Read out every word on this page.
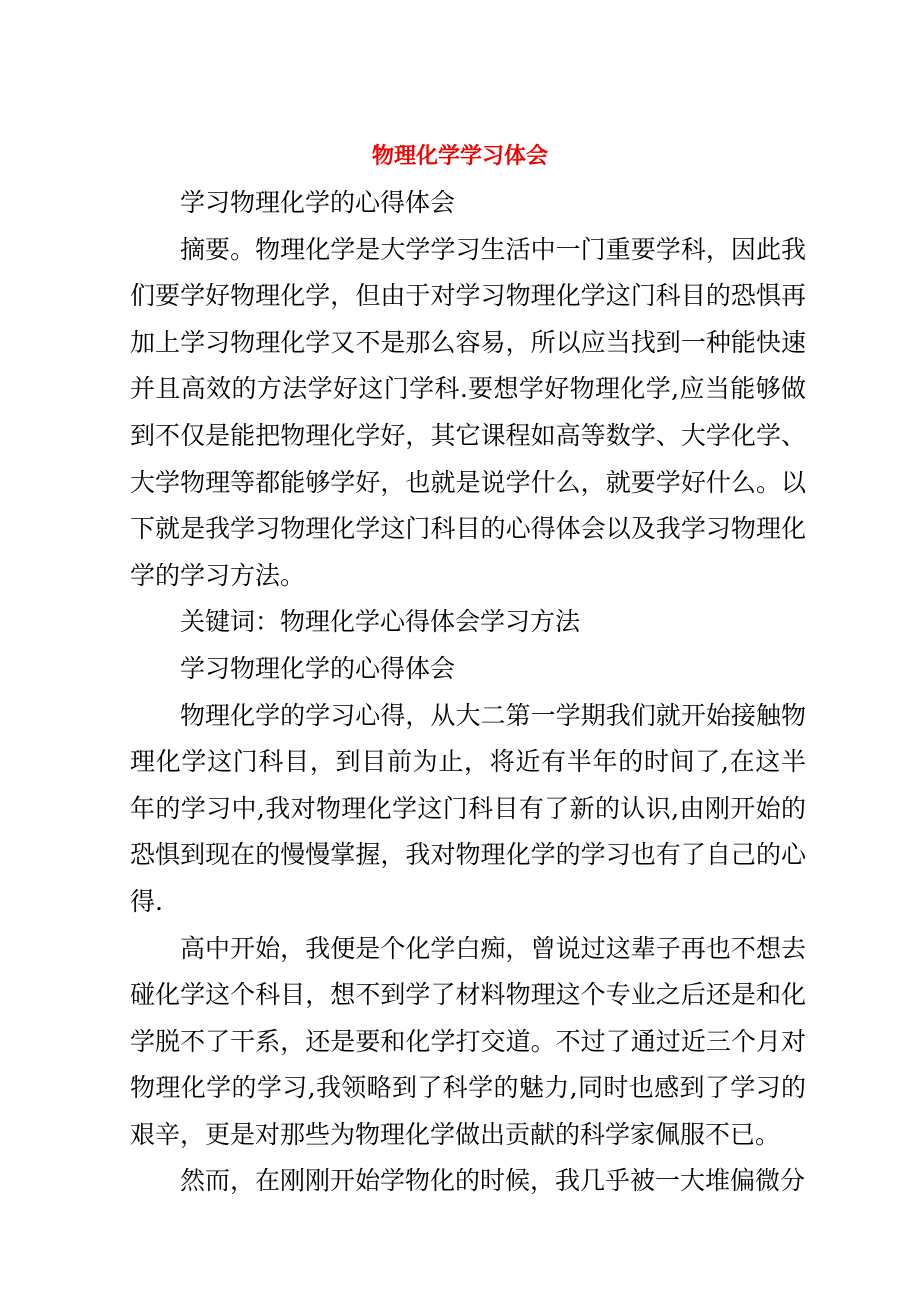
物理化学学习体会

学习物理化学的心得体会

摘要。物理化学是大学学习生活中一门重要学科，因此我们要学好物理化学，但由于对学习物理化学这门科目的恐惧再加上学习物理化学又不是那么容易，所以应当找到一种能快速并且高效的方法学好这门学科.要想学好物理化学,应当能够做到不仅是能把物理化学好，其它课程如高等数学、大学化学、大学物理等都能够学好，也就是说学什么，就要学好什么。以下就是我学习物理化学这门科目的心得体会以及我学习物理化学的学习方法。

关键词：物理化学心得体会学习方法

学习物理化学的心得体会

物理化学的学习心得，从大二第一学期我们就开始接触物理化学这门科目，到目前为止，将近有半年的时间了,在这半年的学习中,我对物理化学这门科目有了新的认识,由刚开始的恐惧到现在的慢慢掌握，我对物理化学的学习也有了自己的心得.

高中开始，我便是个化学白痴，曾说过这辈子再也不想去碰化学这个科目，想不到学了材料物理这个专业之后还是和化学脱不了干系，还是要和化学打交道。不过了通过近三个月对物理化学的学习,我领略到了科学的魅力,同时也感到了学习的艰辛，更是对那些为物理化学做出贡献的科学家佩服不已。

然而，在刚刚开始学物化的时候，我几乎被一大堆偏微分
